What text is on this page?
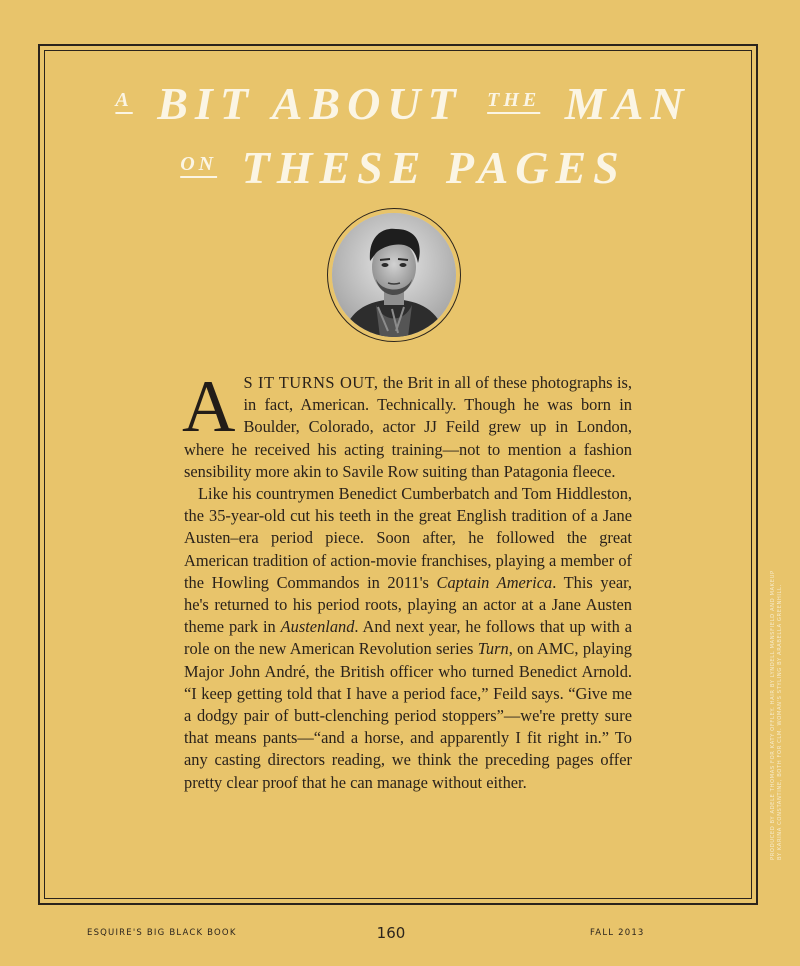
$^A$ BIT ABOUT $^{THE}$ MAN
$^{ON}$ THESE PAGES

A S IT TURNS OUT, the Brit in all of these photographs is, in fact, American. Technically. Though he was born in Boulder, Colorado, actor JJ Feild grew up in London, where he received his acting training—not to mention a fashion sensibility more akin to Savile Row suiting than Patagonia fleece.

Like his countrymen Benedict Cumberbatch and Tom Hiddleston, the 35-year-old cut his teeth in the great English tradition of a Jane Austen–era period piece. Soon after, he followed the great American tradition of action-movie franchises, playing a member of the Howling Commandos in 2011's Captain America. This year, he's returned to his period roots, playing an actor at a Jane Austen theme park in Austenland. And next year, he follows that up with a role on the new American Revolution series Turn, on AMC, playing Major John André, the British officer who turned Benedict Arnold. “I keep getting told that I have a period face,” Feild says. “Give me a dodgy pair of butt-clenching period stoppers”—we're pretty sure that means pants—“and a horse, and apparently I fit right in.” To any casting directors reading, we think the preceding pages offer pretty clear proof that he can manage without either.	PRODUCED BY ADELE THOMAS FOR KATY OFFLEY. HAIR BY LYNDELL MANSFIELD AND MAKEUP BY KARINA CONSTANTINE, BOTH FOR CLM. WOMAN'S STYLING BY ARABELLA GREENHILL.
ESQUIRE'S BIG BLACK BOOK	160	FALL 2013
